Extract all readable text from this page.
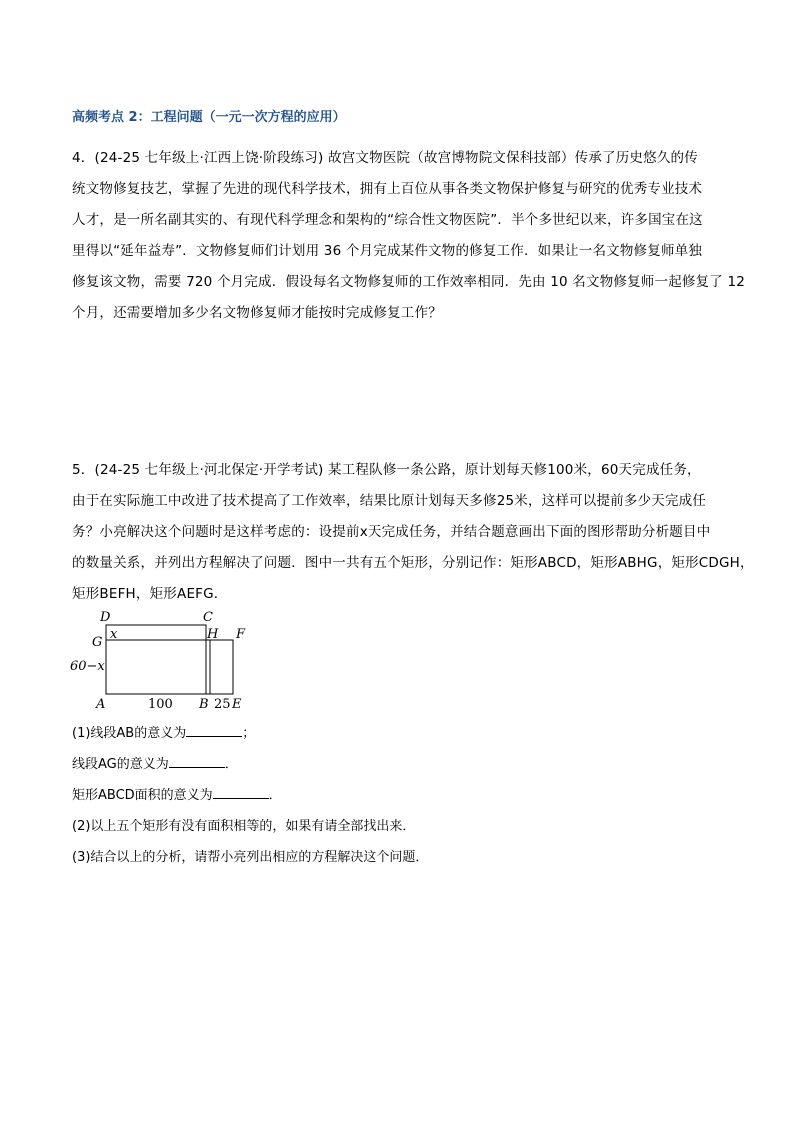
高频考点 2：工程问题（一元一次方程的应用）
4．(24-25 七年级上·江西上饶·阶段练习) 故宫文物医院（故宫博物院文保科技部）传承了历史悠久的传
统文物修复技艺，掌握了先进的现代科学技术，拥有上百位从事各类文物保护修复与研究的优秀专业技术
人才，是一所名副其实的、有现代科学理念和架构的“综合性文物医院”．半个多世纪以来，许多国宝在这
里得以“延年益寿”．文物修复师们计划用 36 个月完成某件文物的修复工作．如果让一名文物修复师单独
修复该文物，需要 720 个月完成．假设每名文物修复师的工作效率相同．先由 10 名文物修复师一起修复了 12
个月，还需要增加多少名文物修复师才能按时完成修复工作？
5．(24-25 七年级上·河北保定·开学考试) 某工程队修一条公路，原计划每天修100米，60天完成任务，
由于在实际施工中改进了技术提高了工作效率，结果比原计划每天多修25米，这样可以提前多少天完成任
务？小亮解决这个问题时是这样考虑的：设提前x天完成任务，并结合题意画出下面的图形帮助分析题目中
的数量关系，并列出方程解决了问题．图中一共有五个矩形，分别记作：矩形ABCD，矩形ABHG，矩形CDGH，
矩形BEFH，矩形AEFG．
D	C
G
x	H F
60−x
A	100 B 25 E
(1)线段AB的意义为	；
线段AG的意义为	．
矩形ABCD面积的意义为	．
(2)以上五个矩形有没有面积相等的，如果有请全部找出来．
(3)结合以上的分析，请帮小亮列出相应的方程解决这个问题．
